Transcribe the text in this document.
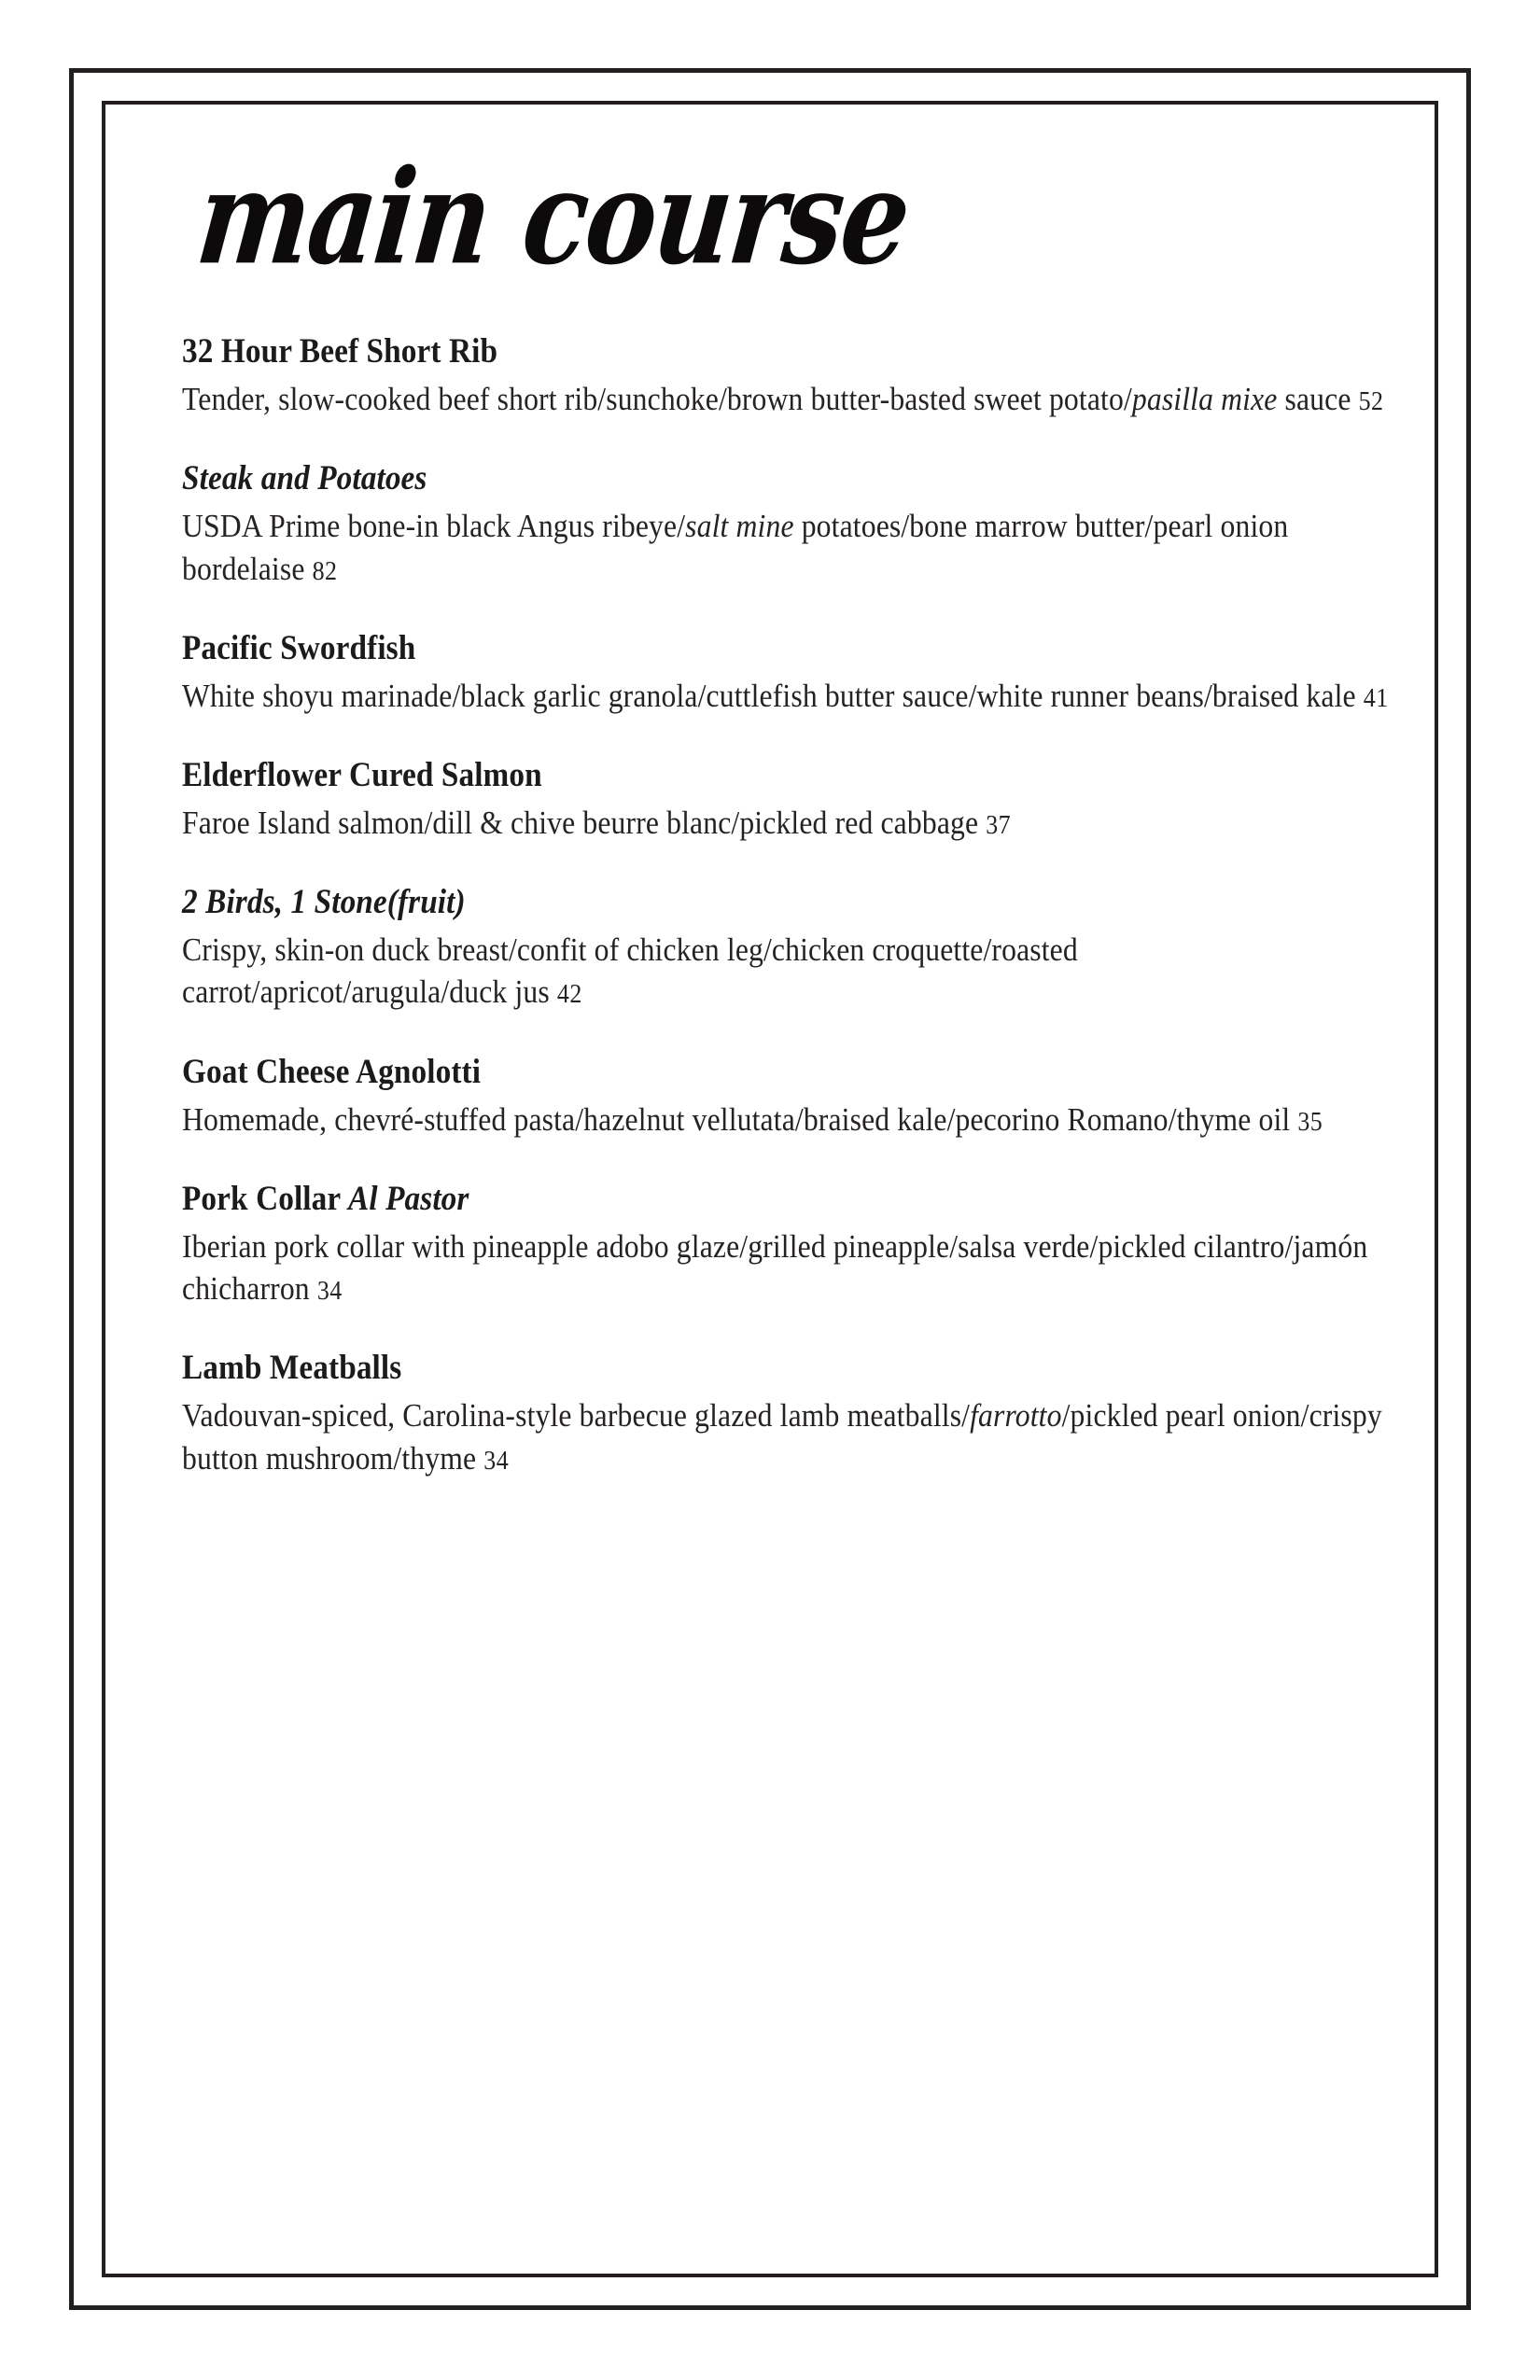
main course
32 Hour Beef Short Rib
Tender, slow-cooked beef short rib/sunchoke/brown butter-basted sweet potato/pasilla mixe sauce 52
Steak and Potatoes
USDA Prime bone-in black Angus ribeye/salt mine potatoes/bone marrow butter/pearl onion bordelaise 82
Pacific Swordfish
White shoyu marinade/black garlic granola/cuttlefish butter sauce/white runner beans/braised kale 41
Elderflower Cured Salmon
Faroe Island salmon/dill & chive beurre blanc/pickled red cabbage 37
2 Birds, 1 Stone(fruit)
Crispy, skin-on duck breast/confit of chicken leg/chicken croquette/roasted carrot/apricot/arugula/duck jus 42
Goat Cheese Agnolotti
Homemade, chevré-stuffed pasta/hazelnut vellutata/braised kale/pecorino Romano/thyme oil 35
Pork Collar Al Pastor
Iberian pork collar with pineapple adobo glaze/grilled pineapple/salsa verde/pickled cilantro/jamón chicharron 34
Lamb Meatballs
Vadouvan-spiced, Carolina-style barbecue glazed lamb meatballs/farrotto/pickled pearl onion/crispy button mushroom/thyme 34
